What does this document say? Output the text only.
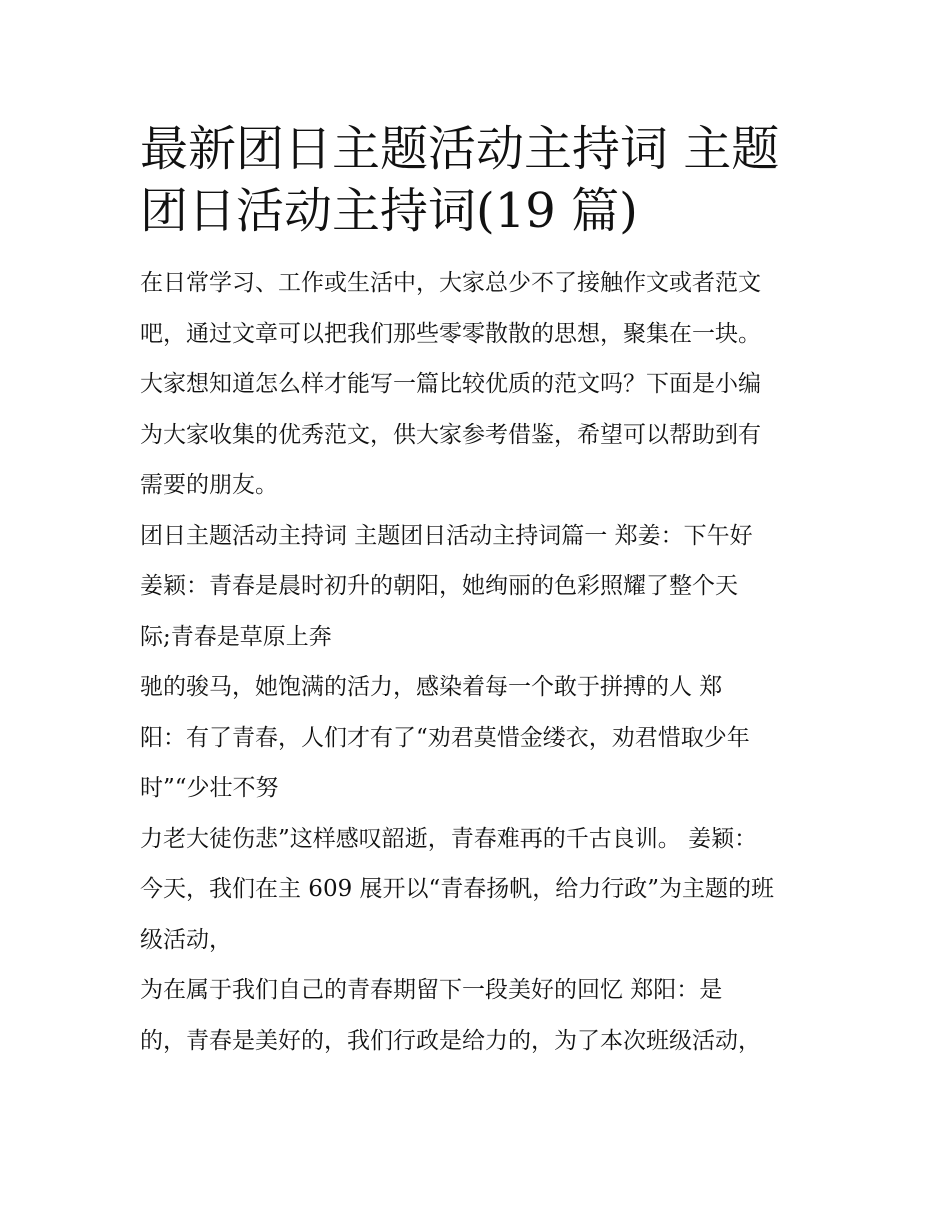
最新团日主题活动主持词 主题
团日活动主持词(19 篇)

在日常学习、工作或生活中，大家总少不了接触作文或者范文

吧，通过文章可以把我们那些零零散散的思想，聚集在一块。

大家想知道怎么样才能写一篇比较优质的范文吗？下面是小编

为大家收集的优秀范文，供大家参考借鉴，希望可以帮助到有

需要的朋友。

团日主题活动主持词 主题团日活动主持词篇一 郑姜：下午好

姜颖：青春是晨时初升的朝阳，她绚丽的色彩照耀了整个天

际;青春是草原上奔

驰的骏马，她饱满的活力，感染着每一个敢于拼搏的人 郑

阳：有了青春，人们才有了“劝君莫惜金缕衣，劝君惜取少年

时”“少壮不努

力老大徒伤悲”这样感叹韶逝，青春难再的千古良训。 姜颖：

今天，我们在主 609 展开以“青春扬帆，给力行政”为主题的班

级活动，

为在属于我们自己的青春期留下一段美好的回忆 郑阳：是

的，青春是美好的，我们行政是给力的，为了本次班级活动，
